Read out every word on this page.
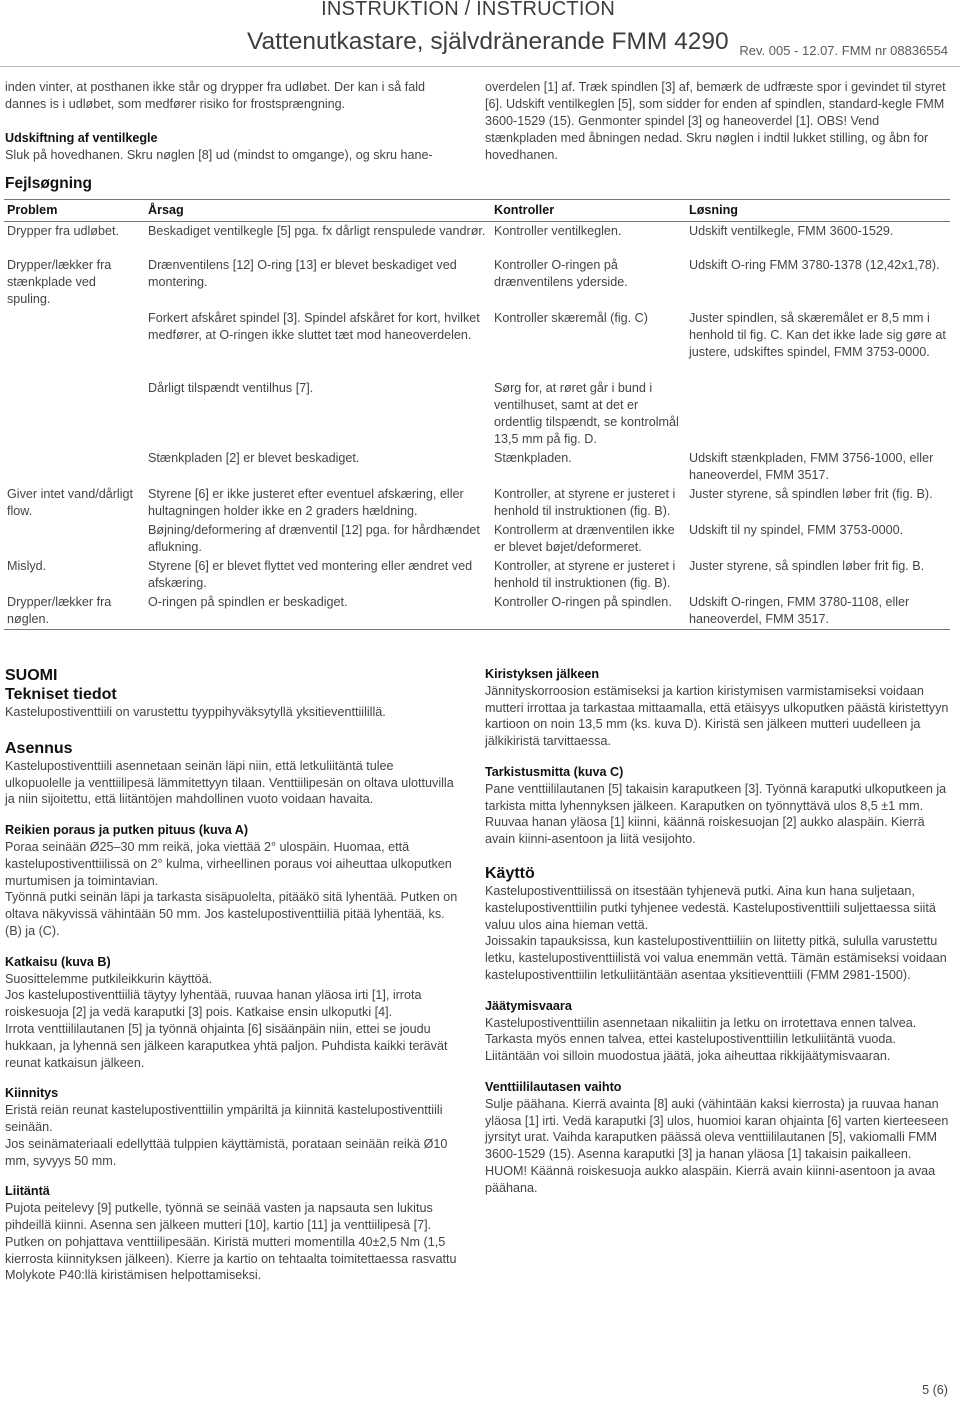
INSTRUKTION / INSTRUCTION
Vattenutkastare, självdränerande FMM 4290 Rev. 005 - 12.07. FMM nr 08836554

inden vinter, at posthanen ikke står og drypper fra udløbet. Der kan i så fald dannes is i udløbet, som medfører risiko for frostsprængning.

Udskiftning af ventilkegle

Sluk på hovedhanen. Skru nøglen [8] ud (mindst to omgange), og skru hane-

overdelen [1] af. Træk spindlen [3] af, bemærk de udfræste spor i gevindet til styret [6]. Udskift ventilkeglen [5], som sidder for enden af spindlen, standard-kegle FMM 3600-1529 (15). Genmonter spindel [3] og haneoverdel [1]. OBS! Vend stænkpladen med åbningen nedad. Skru nøglen i indtil lukket stilling, og åbn for hovedhanen.

Fejlsøgning
Problem	Årsag	Kontroller	Løsning
Drypper fra udløbet.	Beskadiget ventilkegle [5] pga. fx dårligt renspulede vandrør.	Kontroller ventilkeglen.	Udskift ventilkegle, FMM 3600-1529.
Drypper/lækker fra stænkplade ved spuling.	Drænventilens [12] O-ring [13] er blevet beskadiget ved montering.	Kontroller O-ringen på drænventilens yderside.	Udskift O-ring FMM 3780-1378 (12,42x1,78).
	Forkert afskåret spindel [3]. Spindel afskåret for kort, hvilket medfører, at O-ringen ikke sluttet tæt mod haneoverdelen.	Kontroller skæremål (fig. C)	Juster spindlen, så skæremålet er 8,5 mm i henhold til fig. C. Kan det ikke lade sig gøre at justere, udskiftes spindel, FMM 3753-0000.
	Dårligt tilspændt ventilhus [7].	Sørg for, at røret går i bund i ventilhuset, samt at det er ordentlig tilspændt, se kontrolmål 13,5 mm på fig. D.	
	Stænkpladen [2] er blevet beskadiget.	Stænkpladen.	Udskift stænkpladen, FMM 3756-1000, eller haneoverdel, FMM 3517.
Giver intet vand/dårligt flow.	Styrene [6] er ikke justeret efter eventuel afskæring, eller hultagningen holder ikke en 2 graders hældning.	Kontroller, at styrene er justeret i henhold til instruktionen (fig. B).	Juster styrene, så spindlen løber frit (fig. B).
	Bøjning/deformering af drænventil [12] pga. for hårdhændet aflukning.	Kontrollerm at drænventilen ikke er blevet bøjet/deformeret.	Udskift til ny spindel, FMM 3753-0000.
Mislyd.	Styrene [6] er blevet flyttet ved montering eller ændret ved afskæring.	Kontroller, at styrene er justeret i henhold til instruktionen (fig. B).	Juster styrene, så spindlen løber frit fig. B.
Drypper/lækker fra nøglen.	O-ringen på spindlen er beskadiget.	Kontroller O-ringen på spindlen.	Udskift O-ringen, FMM 3780-1108, eller haneoverdel, FMM 3517.
SUOMI
Tekniset tiedot

Kastelupostiventtiili on varustettu tyyppihyväksytyllä yksitieventtiilillä.

Asennus

Kastelupostiventtiili asennetaan seinän läpi niin, että letkuliitäntä tulee ulkopuolelle ja venttiilipesä lämmitettyyn tilaan. Venttiilipesän on oltava ulottuvilla ja niin sijoitettu, että liitäntöjen mahdollinen vuoto voidaan havaita.

Reikien poraus ja putken pituus (kuva A)

Poraa seinään Ø25–30 mm reikä, joka viettää 2° ulospäin. Huomaa, että kastelupostiventtiilissä on 2° kulma, virheellinen poraus voi aiheuttaa ulkoputken murtumisen ja toimintavian.

Työnnä putki seinän läpi ja tarkasta sisäpuolelta, pitääkö sitä lyhentää. Putken on oltava näkyvissä vähintään 50 mm. Jos kastelupostiventtiiliä pitää lyhentää, ks. (B) ja (C).

Katkaisu (kuva B)

Suosittelemme putkileikkurin käyttöä.

Jos kastelupostiventtiiliä täytyy lyhentää, ruuvaa hanan yläosa irti [1], irrota roiskesuoja [2] ja vedä karaputki [3] pois. Katkaise ensin ulkoputki [4].

Irrota venttiililautanen [5] ja työnnä ohjainta [6] sisäänpäin niin, ettei se joudu hukkaan, ja lyhennä sen jälkeen karaputkea yhtä paljon. Puhdista kaikki terävät reunat katkaisun jälkeen.

Kiinnitys

Eristä reiän reunat kastelupostiventtiilin ympäriltä ja kiinnitä kastelupostiventtiili seinään.

Jos seinämateriaali edellyttää tulppien käyttämistä, porataan seinään reikä Ø10 mm, syvyys 50 mm.

Liitäntä

Pujota peitelevy [9] putkelle, työnnä se seinää vasten ja napsauta sen lukitus pihdeillä kiinni. Asenna sen jälkeen mutteri [10], kartio [11] ja venttiilipesä [7]. Putken on pohjattava venttiilipesään. Kiristä mutteri momentilla 40±2,5 Nm (1,5 kierrosta kiinnityksen jälkeen). Kierre ja kartio on tehtaalta toimitettaessa rasvattu Molykote P40:llä kiristämisen helpottamiseksi.

Kiristyksen jälkeen

Jännityskorroosion estämiseksi ja kartion kiristymisen varmistamiseksi voidaan mutteri irrottaa ja tarkastaa mittaamalla, että etäisyys ulkoputken päästä kiristettyyn kartioon on noin 13,5 mm (ks. kuva D). Kiristä sen jälkeen mutteri uudelleen ja jälkikiristä tarvittaessa.

Tarkistusmitta (kuva C)

Pane venttiililautanen [5] takaisin karaputkeen [3]. Työnnä karaputki ulkoputkeen ja tarkista mitta lyhennyksen jälkeen. Karaputken on työnnyttävä ulos 8,5 ±1 mm.

Ruuvaa hanan yläosa [1] kiinni, käännä roiskesuojan [2] aukko alaspäin. Kierrä avain kiinni-asentoon ja liitä vesijohto.

Käyttö

Kastelupostiventtiilissä on itsestään tyhjenevä putki. Aina kun hana suljetaan, kastelupostiventtiilin putki tyhjenee vedestä. Kastelupostiventtiili suljettaessa siitä valuu ulos aina hieman vettä.

Joissakin tapauksissa, kun kastelupostiventtiiliin on liitetty pitkä, sululla varustettu letku, kastelupostiventtiilistä voi valua enemmän vettä. Tämän estämiseksi voidaan kastelupostiventtiilin letkuliitäntään asentaa yksitieventtiili (FMM 2981-1500).

Jäätymisvaara

Kastelupostiventtiilin asennetaan nikaliitin ja letku on irrotettava ennen talvea. Tarkasta myös ennen talvea, ettei kastelupostiventtiilin letkuliitäntä vuoda. Liitäntään voi silloin muodostua jäätä, joka aiheuttaa rikkijäätymisvaaran.

Venttiililautasen vaihto

Sulje päähana. Kierrä avainta [8] auki (vähintään kaksi kierrosta) ja ruuvaa hanan yläosa [1] irti. Vedä karaputki [3] ulos, huomioi karan ohjainta [6] varten kierteeseen jyrsityt urat. Vaihda karaputken päässä oleva venttiililautanen [5], vakiomalli FMM 3600-1529 (15). Asenna karaputki [3] ja hanan yläosa [1] takaisin paikalleen. HUOM! Käännä roiskesuoja aukko alaspäin. Kierrä avain kiinni-asentoon ja avaa päähana.

5 (6)
